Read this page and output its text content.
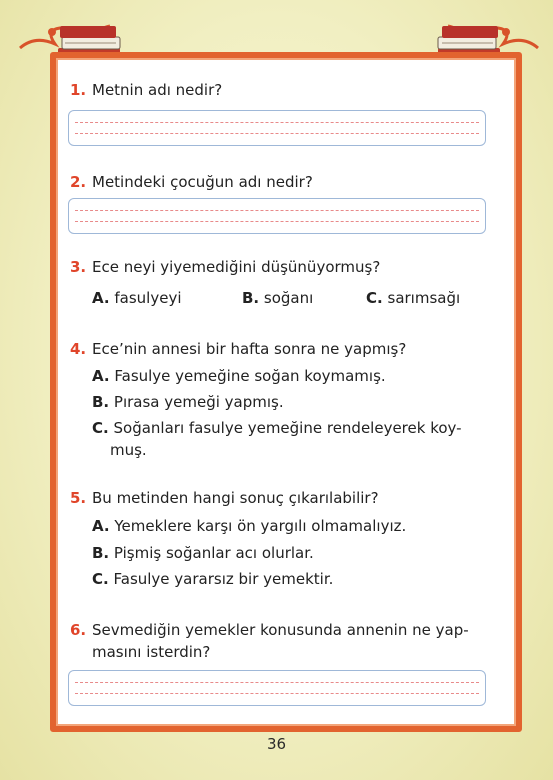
1. Metnin adı nedir?
2. Metindeki çocuğun adı nedir?
3. Ece neyi yiyemediğini düşünüyormuş?
A. fasulyeyi	B. soğanı	C. sarımsağı
4. Ece’nin annesi bir hafta sonra ne yapmış?
A. Fasulye yemeğine soğan koymamış.
B. Pırasa yemeği yapmış.
C. Soğanları fasulye yemeğine rendeleyerek koy-
muş.
5. Bu metinden hangi sonuç çıkarılabilir?
A. Yemeklere karşı ön yargılı olmamalıyız.
B. Pişmiş soğanlar acı olurlar.
C. Fasulye yararsız bir yemektir.
6. Sevmediğin yemekler konusunda annenin ne yap-
masını isterdin?
36
